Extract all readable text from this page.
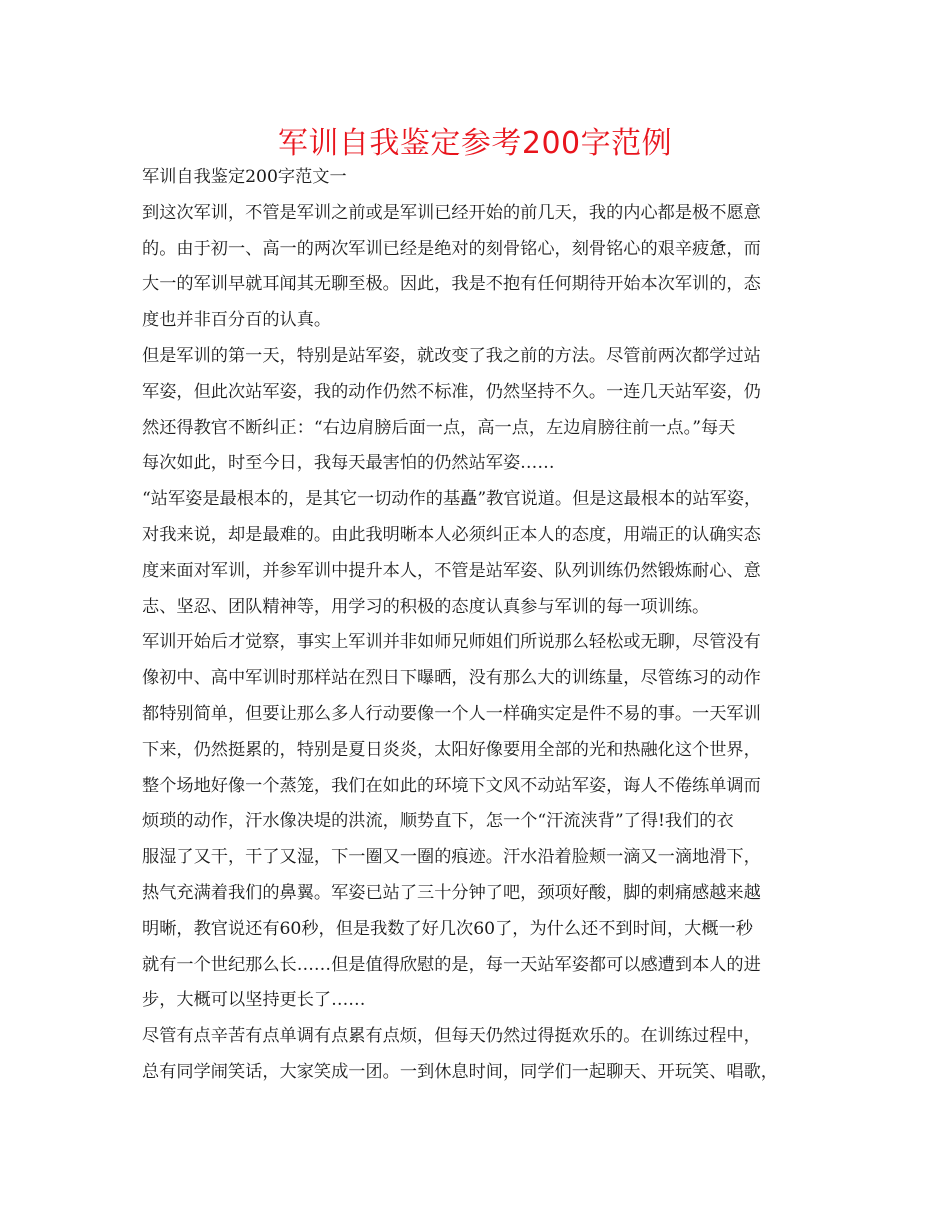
军训自我鉴定参考200字范例
军训自我鉴定200字范文一
到这次军训，不管是军训之前或是军训已经开始的前几天，我的内心都是极不愿意
的。由于初一、高一的两次军训已经是绝对的刻骨铭心，刻骨铭心的艰辛疲惫，而
大一的军训早就耳闻其无聊至极。因此，我是不抱有任何期待开始本次军训的，态
度也并非百分百的认真。
但是军训的第一天，特别是站军姿，就改变了我之前的方法。尽管前两次都学过站
军姿，但此次站军姿，我的动作仍然不标准，仍然坚持不久。一连几天站军姿，仍
然还得教官不断纠正：“右边肩膀后面一点，高一点，左边肩膀往前一点。”每天
每次如此，时至今日，我每天最害怕的仍然站军姿……
“站军姿是最根本的，是其它一切动作的基矗”教官说道。但是这最根本的站军姿，
对我来说，却是最难的。由此我明晰本人必须纠正本人的态度，用端正的认确实态
度来面对军训，并参军训中提升本人，不管是站军姿、队列训练仍然锻炼耐心、意
志、坚忍、团队精神等，用学习的积极的态度认真参与军训的每一项训练。
军训开始后才觉察，事实上军训并非如师兄师姐们所说那么轻松或无聊，尽管没有
像初中、高中军训时那样站在烈日下曝晒，没有那么大的训练量，尽管练习的动作
都特别简单，但要让那么多人行动要像一个人一样确实定是件不易的事。一天军训
下来，仍然挺累的，特别是夏日炎炎，太阳好像要用全部的光和热融化这个世界，
整个场地好像一个蒸笼，我们在如此的环境下文风不动站军姿，诲人不倦练单调而
烦琐的动作，汗水像决堤的洪流，顺势直下，怎一个“汗流浃背”了得!我们的衣
服湿了又干，干了又湿，下一圈又一圈的痕迹。汗水沿着脸颊一滴又一滴地滑下，
热气充满着我们的鼻翼。军姿已站了三十分钟了吧，颈项好酸，脚的刺痛感越来越
明晰，教官说还有60秒，但是我数了好几次60了，为什么还不到时间，大概一秒
就有一个世纪那么长……但是值得欣慰的是，每一天站军姿都可以感遭到本人的进
步，大概可以坚持更长了……
尽管有点辛苦有点单调有点累有点烦，但每天仍然过得挺欢乐的。在训练过程中，
总有同学闹笑话，大家笑成一团。一到休息时间，同学们一起聊天、开玩笑、唱歌，
